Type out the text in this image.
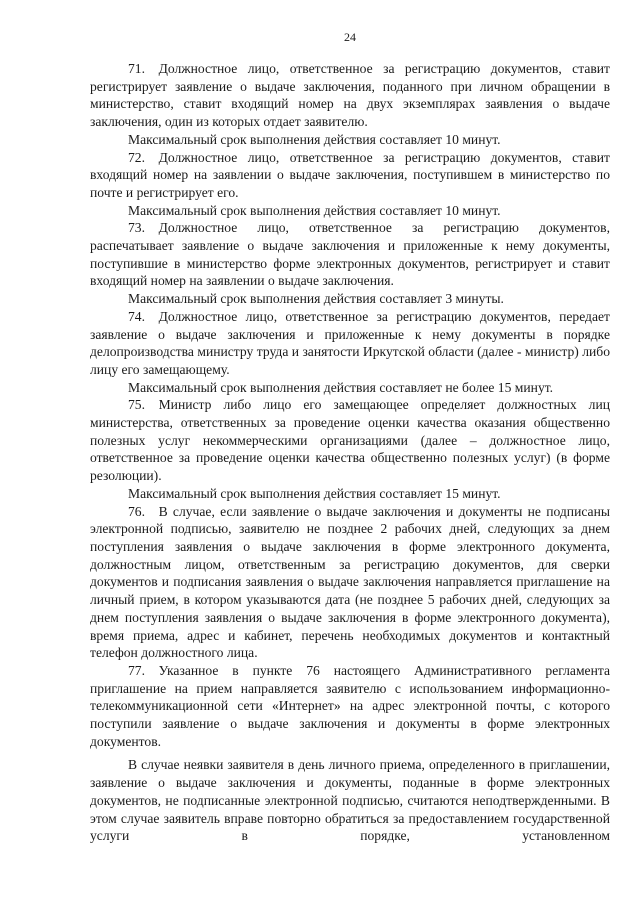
24

71. Должностное лицо, ответственное за регистрацию документов, ставит регистрирует заявление о выдаче заключения, поданного при личном обращении в министерство, ставит входящий номер на двух экземплярах заявления о выдаче заключения, один из которых отдает заявителю.

Максимальный срок выполнения действия составляет 10 минут.

72. Должностное лицо, ответственное за регистрацию документов, ставит входящий номер на заявлении о выдаче заключения, поступившем в министерство по почте и регистрирует его.

Максимальный срок выполнения действия составляет 10 минут.

73. Должностное лицо, ответственное за регистрацию документов, распечатывает заявление о выдаче заключения и приложенные к нему документы, поступившие в министерство форме электронных документов, регистрирует и ставит входящий номер на заявлении о выдаче заключения.

Максимальный срок выполнения действия составляет 3 минуты.

74. Должностное лицо, ответственное за регистрацию документов, передает заявление о выдаче заключения и приложенные к нему документы в порядке делопроизводства министру труда и занятости Иркутской области (далее - министр) либо лицу его замещающему.

Максимальный срок выполнения действия составляет не более 15 минут.

75. Министр либо лицо его замещающее определяет должностных лиц министерства, ответственных за проведение оценки качества оказания общественно полезных услуг некоммерческими организациями (далее – должностное лицо, ответственное за проведение оценки качества общественно полезных услуг) (в форме резолюции).

Максимальный срок выполнения действия составляет 15 минут.

76. В случае, если заявление о выдаче заключения и документы не подписаны электронной подписью, заявителю не позднее 2 рабочих дней, следующих за днем поступления заявления о выдаче заключения в форме электронного документа, должностным лицом, ответственным за регистрацию документов, для сверки документов и подписания заявления о выдаче заключения направляется приглашение на личный прием, в котором указываются дата (не позднее 5 рабочих дней, следующих за днем поступления заявления о выдаче заключения в форме электронного документа), время приема, адрес и кабинет, перечень необходимых документов и контактный телефон должностного лица.

77. Указанное в пункте 76 настоящего Административного регламента приглашение на прием направляется заявителю с использованием информационно-телекоммуникационной сети «Интернет» на адрес электронной почты, с которого поступили заявление о выдаче заключения и документы в форме электронных документов.

В случае неявки заявителя в день личного приема, определенного в приглашении, заявление о выдаче заключения и документы, поданные в форме электронных документов, не подписанные электронной подписью, считаются неподтвержденными. В этом случае заявитель вправе повторно обратиться за предоставлением государственной услуги в порядке, установленном
